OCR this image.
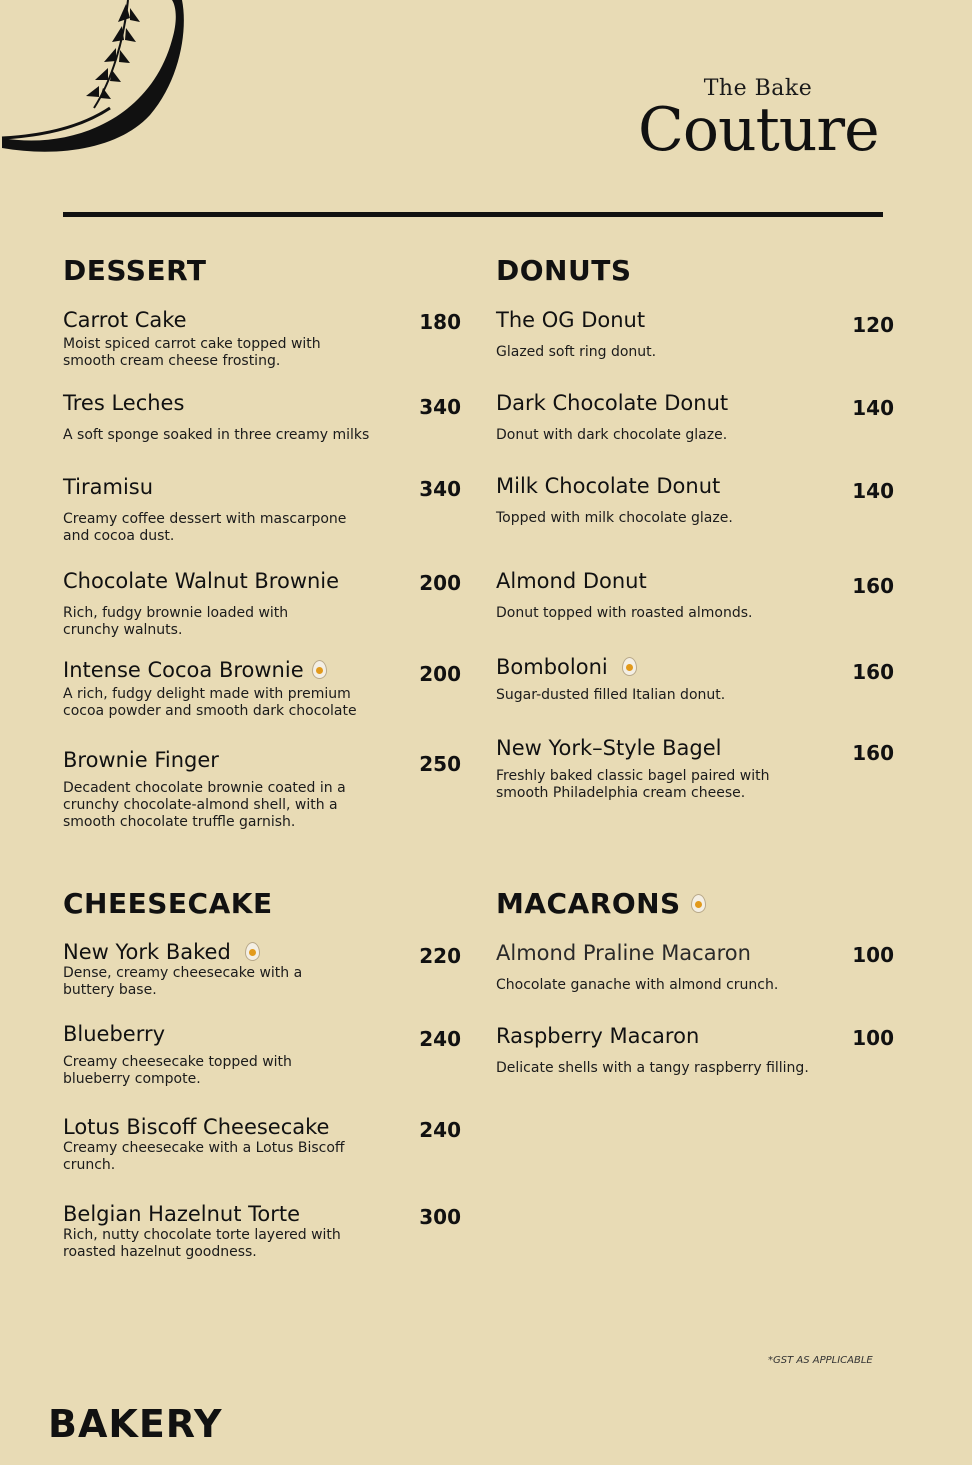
The Bake
Couture
DESSERT
Carrot Cake	180
Moist spiced carrot cake topped with smooth cream cheese frosting.
Tres Leches	340
A soft sponge soaked in three creamy milks
Tiramisu	340
Creamy coffee dessert with mascarpone and cocoa dust.
Chocolate Walnut Brownie	200
Rich, fudgy brownie loaded with crunchy walnuts.
Intense Cocoa Brownie	200
A rich, fudgy delight made with premium cocoa powder and smooth dark chocolate
Brownie Finger	250
Decadent chocolate brownie coated in a crunchy chocolate-almond shell, with a smooth chocolate truffle garnish.
DONUTS
The OG Donut	120
Glazed soft ring donut.
Dark Chocolate Donut	140
Donut with dark chocolate glaze.
Milk Chocolate Donut	140
Topped with milk chocolate glaze.
Almond Donut	160
Donut topped with roasted almonds.
Bomboloni	160
Sugar-dusted filled Italian donut.
New York–Style Bagel	160
Freshly baked classic bagel paired with smooth Philadelphia cream cheese.
CHEESECAKE
New York Baked	220
Dense, creamy cheesecake with a buttery base.
Blueberry	240
Creamy cheesecake topped with blueberry compote.
Lotus Biscoff Cheesecake	240
Creamy cheesecake with a Lotus Biscoff crunch.
Belgian Hazelnut Torte	300
Rich, nutty chocolate torte layered with roasted hazelnut goodness.
MACARONS
Almond Praline Macaron	100
Chocolate ganache with almond crunch.
Raspberry Macaron	100
Delicate shells with a tangy raspberry filling.
*GST AS APPLICABLE
BAKERY
